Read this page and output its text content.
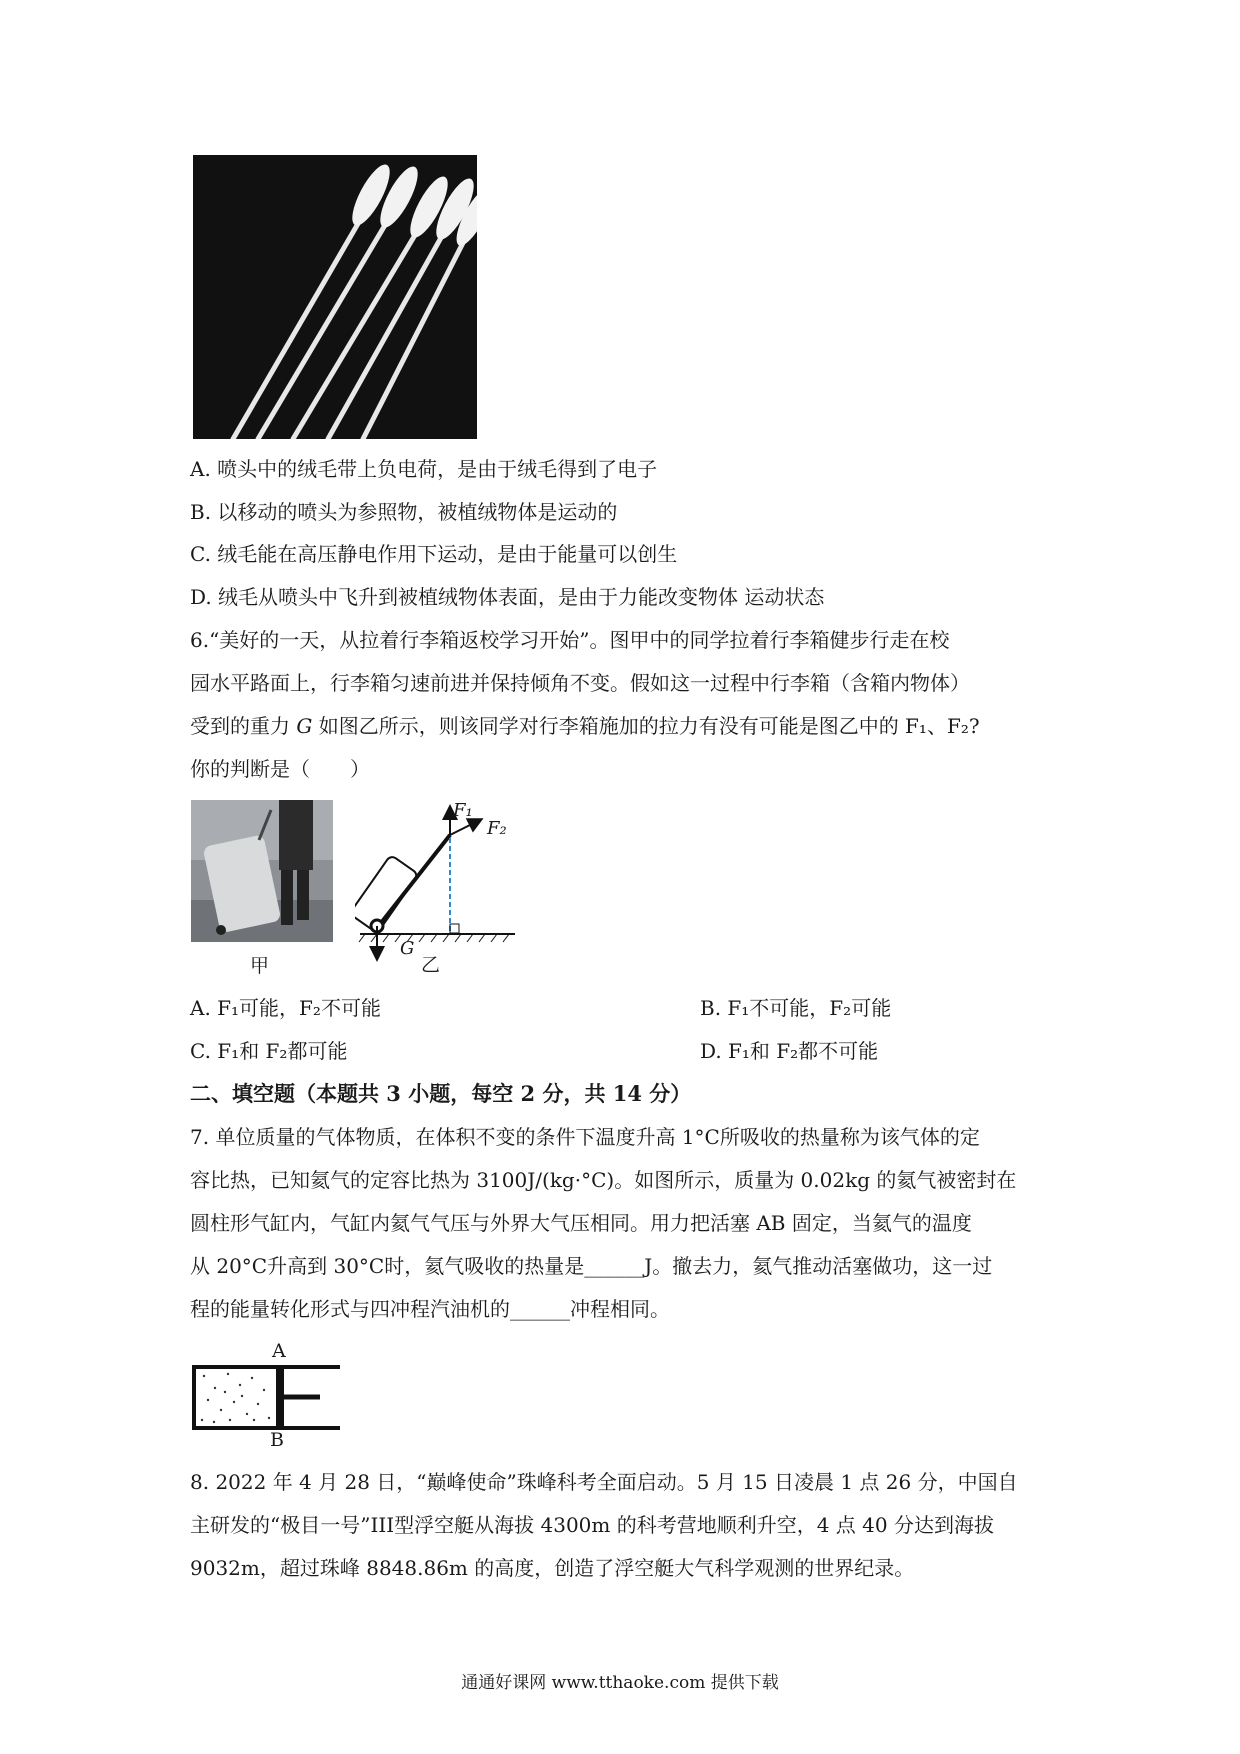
A. 喷头中的绒毛带上负电荷，是由于绒毛得到了电子
B. 以移动的喷头为参照物，被植绒物体是运动的
C. 绒毛能在高压静电作用下运动，是由于能量可以创生
D. 绒毛从喷头中飞升到被植绒物体表面，是由于力能改变物体 运动状态
6.“美好的一天，从拉着行李箱返校学习开始”。图甲中的同学拉着行李箱健步行走在校
园水平路面上，行李箱匀速前进并保持倾角不变。假如这一过程中行李箱（含箱内物体）
受到的重力 G 如图乙所示，则该同学对行李箱施加的拉力有没有可能是图乙中的 F₁、F₂?
你的判断是（　　）
甲
F₁
F₂
G
乙
A. F₁可能，F₂不可能	B. F₁不可能，F₂可能
C. F₁和 F₂都可能	D. F₁和 F₂都不可能
二、填空题（本题共 3 小题，每空 2 分，共 14 分）
7. 单位质量的气体物质，在体积不变的条件下温度升高 1°C所吸收的热量称为该气体的定
容比热，已知氦气的定容比热为 3100J/(kg·°C)。如图所示，质量为 0.02kg 的氦气被密封在
圆柱形气缸内，气缸内氦气气压与外界大气压相同。用力把活塞 AB 固定，当氦气的温度
从 20°C升高到 30°C时，氦气吸收的热量是______J。撤去力，氦气推动活塞做功，这一过
程的能量转化形式与四冲程汽油机的______冲程相同。
A
B
8. 2022 年 4 月 28 日，“巅峰使命”珠峰科考全面启动。5 月 15 日凌晨 1 点 26 分，中国自
主研发的“极目一号”III型浮空艇从海拔 4300m 的科考营地顺利升空，4 点 40 分达到海拔
9032m，超过珠峰 8848.86m 的高度，创造了浮空艇大气科学观测的世界纪录。
通通好课网 www.tthaoke.com 提供下载
